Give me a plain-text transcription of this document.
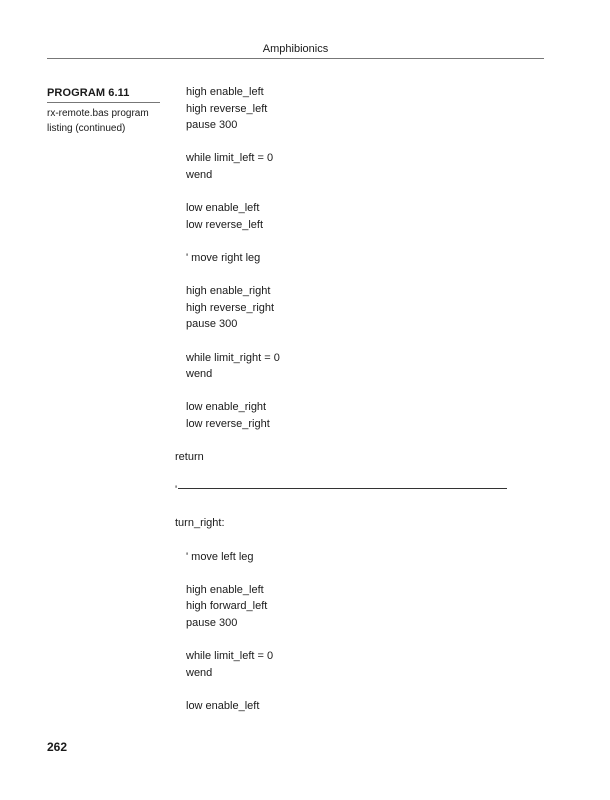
Amphibionics
PROGRAM 6.11
rx-remote.bas program
listing (continued)
high enable_left
high reverse_left
pause 300
while limit_left = 0
wend
low enable_left
low reverse_left
' move right leg
high enable_right
high reverse_right
pause 300
while limit_right = 0
wend
low enable_right
low reverse_right
return
'
turn_right:
' move left leg
high enable_left
high forward_left
pause 300
while limit_left = 0
wend
low enable_left
262
